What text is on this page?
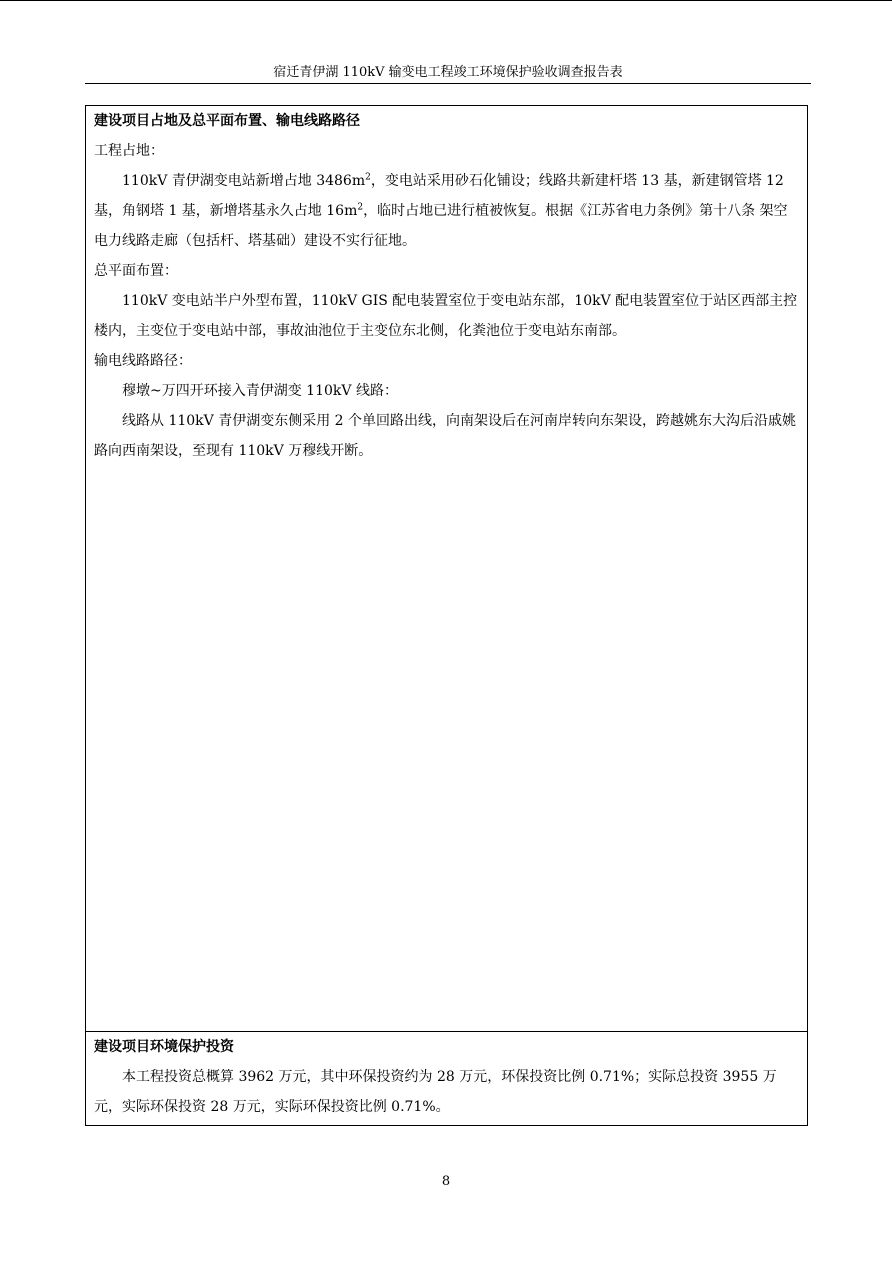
宿迁青伊湖 110kV 输变电工程竣工环境保护验收调查报告表

建设项目占地及总平面布置、输电线路路径

工程占地：

110kV 青伊湖变电站新增占地 $3486m^2$，变电站采用砂石化铺设；线路共新建杆塔 13 基，新建钢管塔 12 基，角钢塔 1 基，新增塔基永久占地 $16m^2$，临时占地已进行植被恢复。根据《江苏省电力条例》第十八条 架空电力线路走廊（包括杆、塔基础）建设不实行征地。

总平面布置：

110kV 变电站半户外型布置，110kV GIS 配电装置室位于变电站东部，10kV 配电装置室位于站区西部主控楼内，主变位于变电站中部，事故油池位于主变位东北侧，化粪池位于变电站东南部。

输电线路路径：

穆墩~万四开环接入青伊湖变 110kV 线路：

线路从 110kV 青伊湖变东侧采用 2 个单回路出线，向南架设后在河南岸转向东架设，跨越姚东大沟后沿戚姚路向西南架设，至现有 110kV 万穆线开断。

建设项目环境保护投资

本工程投资总概算 3962 万元，其中环保投资约为 28 万元，环保投资比例 0.71%；实际总投资 3955 万元，实际环保投资 28 万元，实际环保投资比例 0.71%。

8
